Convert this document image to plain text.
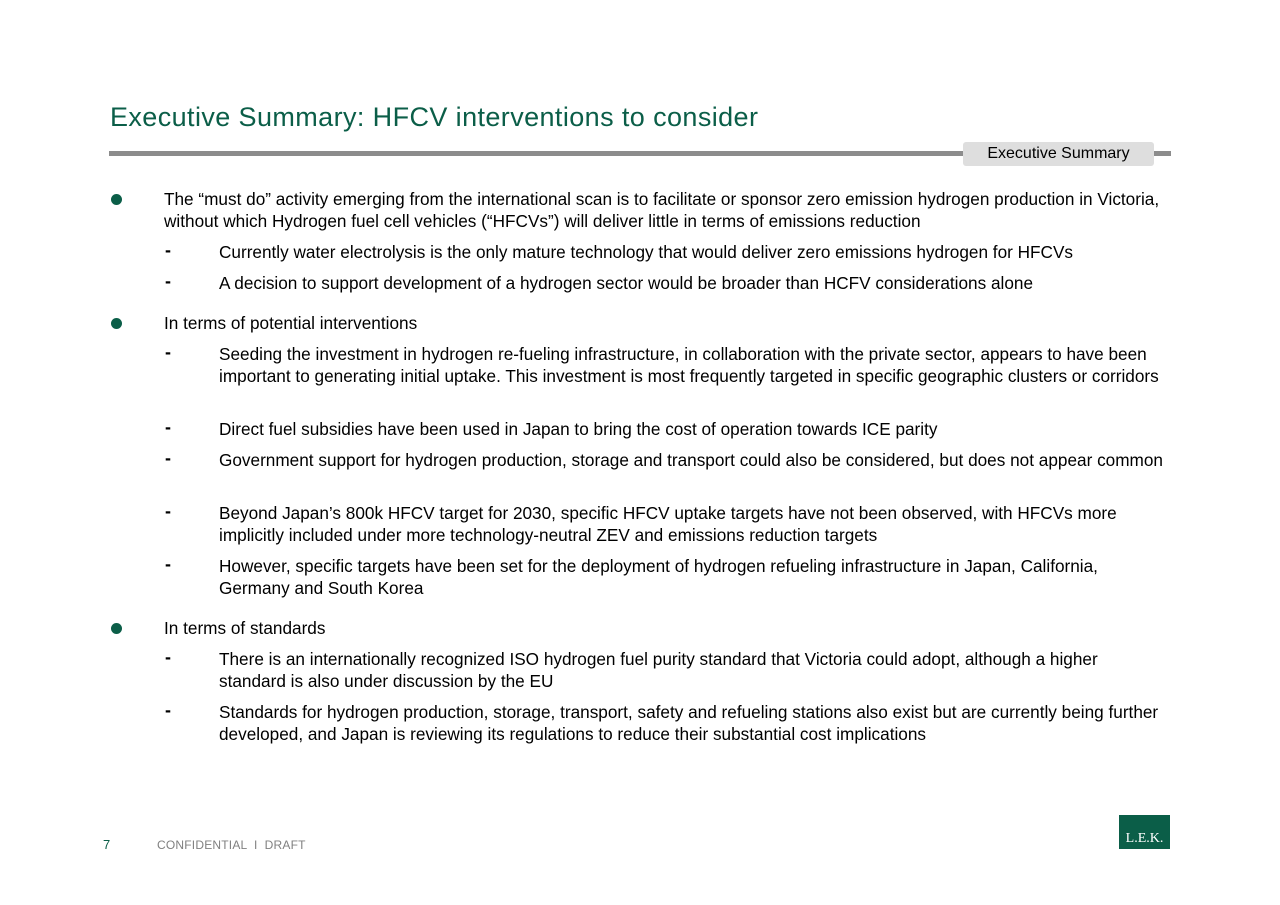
Executive Summary: HFCV interventions to consider
Executive Summary
The “must do” activity emerging from the international scan is to facilitate or sponsor zero emission hydrogen production in Victoria, without which Hydrogen fuel cell vehicles (“HFCVs”) will deliver little in terms of emissions reduction
-	Currently water electrolysis is the only mature technology that would deliver zero emissions hydrogen for HFCVs
-	A decision to support development of a hydrogen sector would be broader than HCFV considerations alone
In terms of potential interventions
-	Seeding the investment in hydrogen re-fueling infrastructure, in collaboration with the private sector, appears to have been important to generating initial uptake. This investment is most frequently targeted in specific geographic clusters or corridors
-	Direct fuel subsidies have been used in Japan to bring the cost of operation towards ICE parity
-	Government support for hydrogen production, storage and transport could also be considered, but does not appear common
-	Beyond Japan’s 800k HFCV target for 2030, specific HFCV uptake targets have not been observed, with HFCVs more implicitly included under more technology-neutral ZEV and emissions reduction targets
-	However, specific targets have been set for the deployment of hydrogen refueling infrastructure in Japan, California, Germany and South Korea
In terms of standards
-	There is an internationally recognized ISO hydrogen fuel purity standard that Victoria could adopt, although a higher standard is also under discussion by the EU
-	Standards for hydrogen production, storage, transport, safety and refueling stations also exist but are currently being further developed, and Japan is reviewing its regulations to reduce their substantial cost implications
7	CONFIDENTIAL  I  DRAFT	L.E.K.
